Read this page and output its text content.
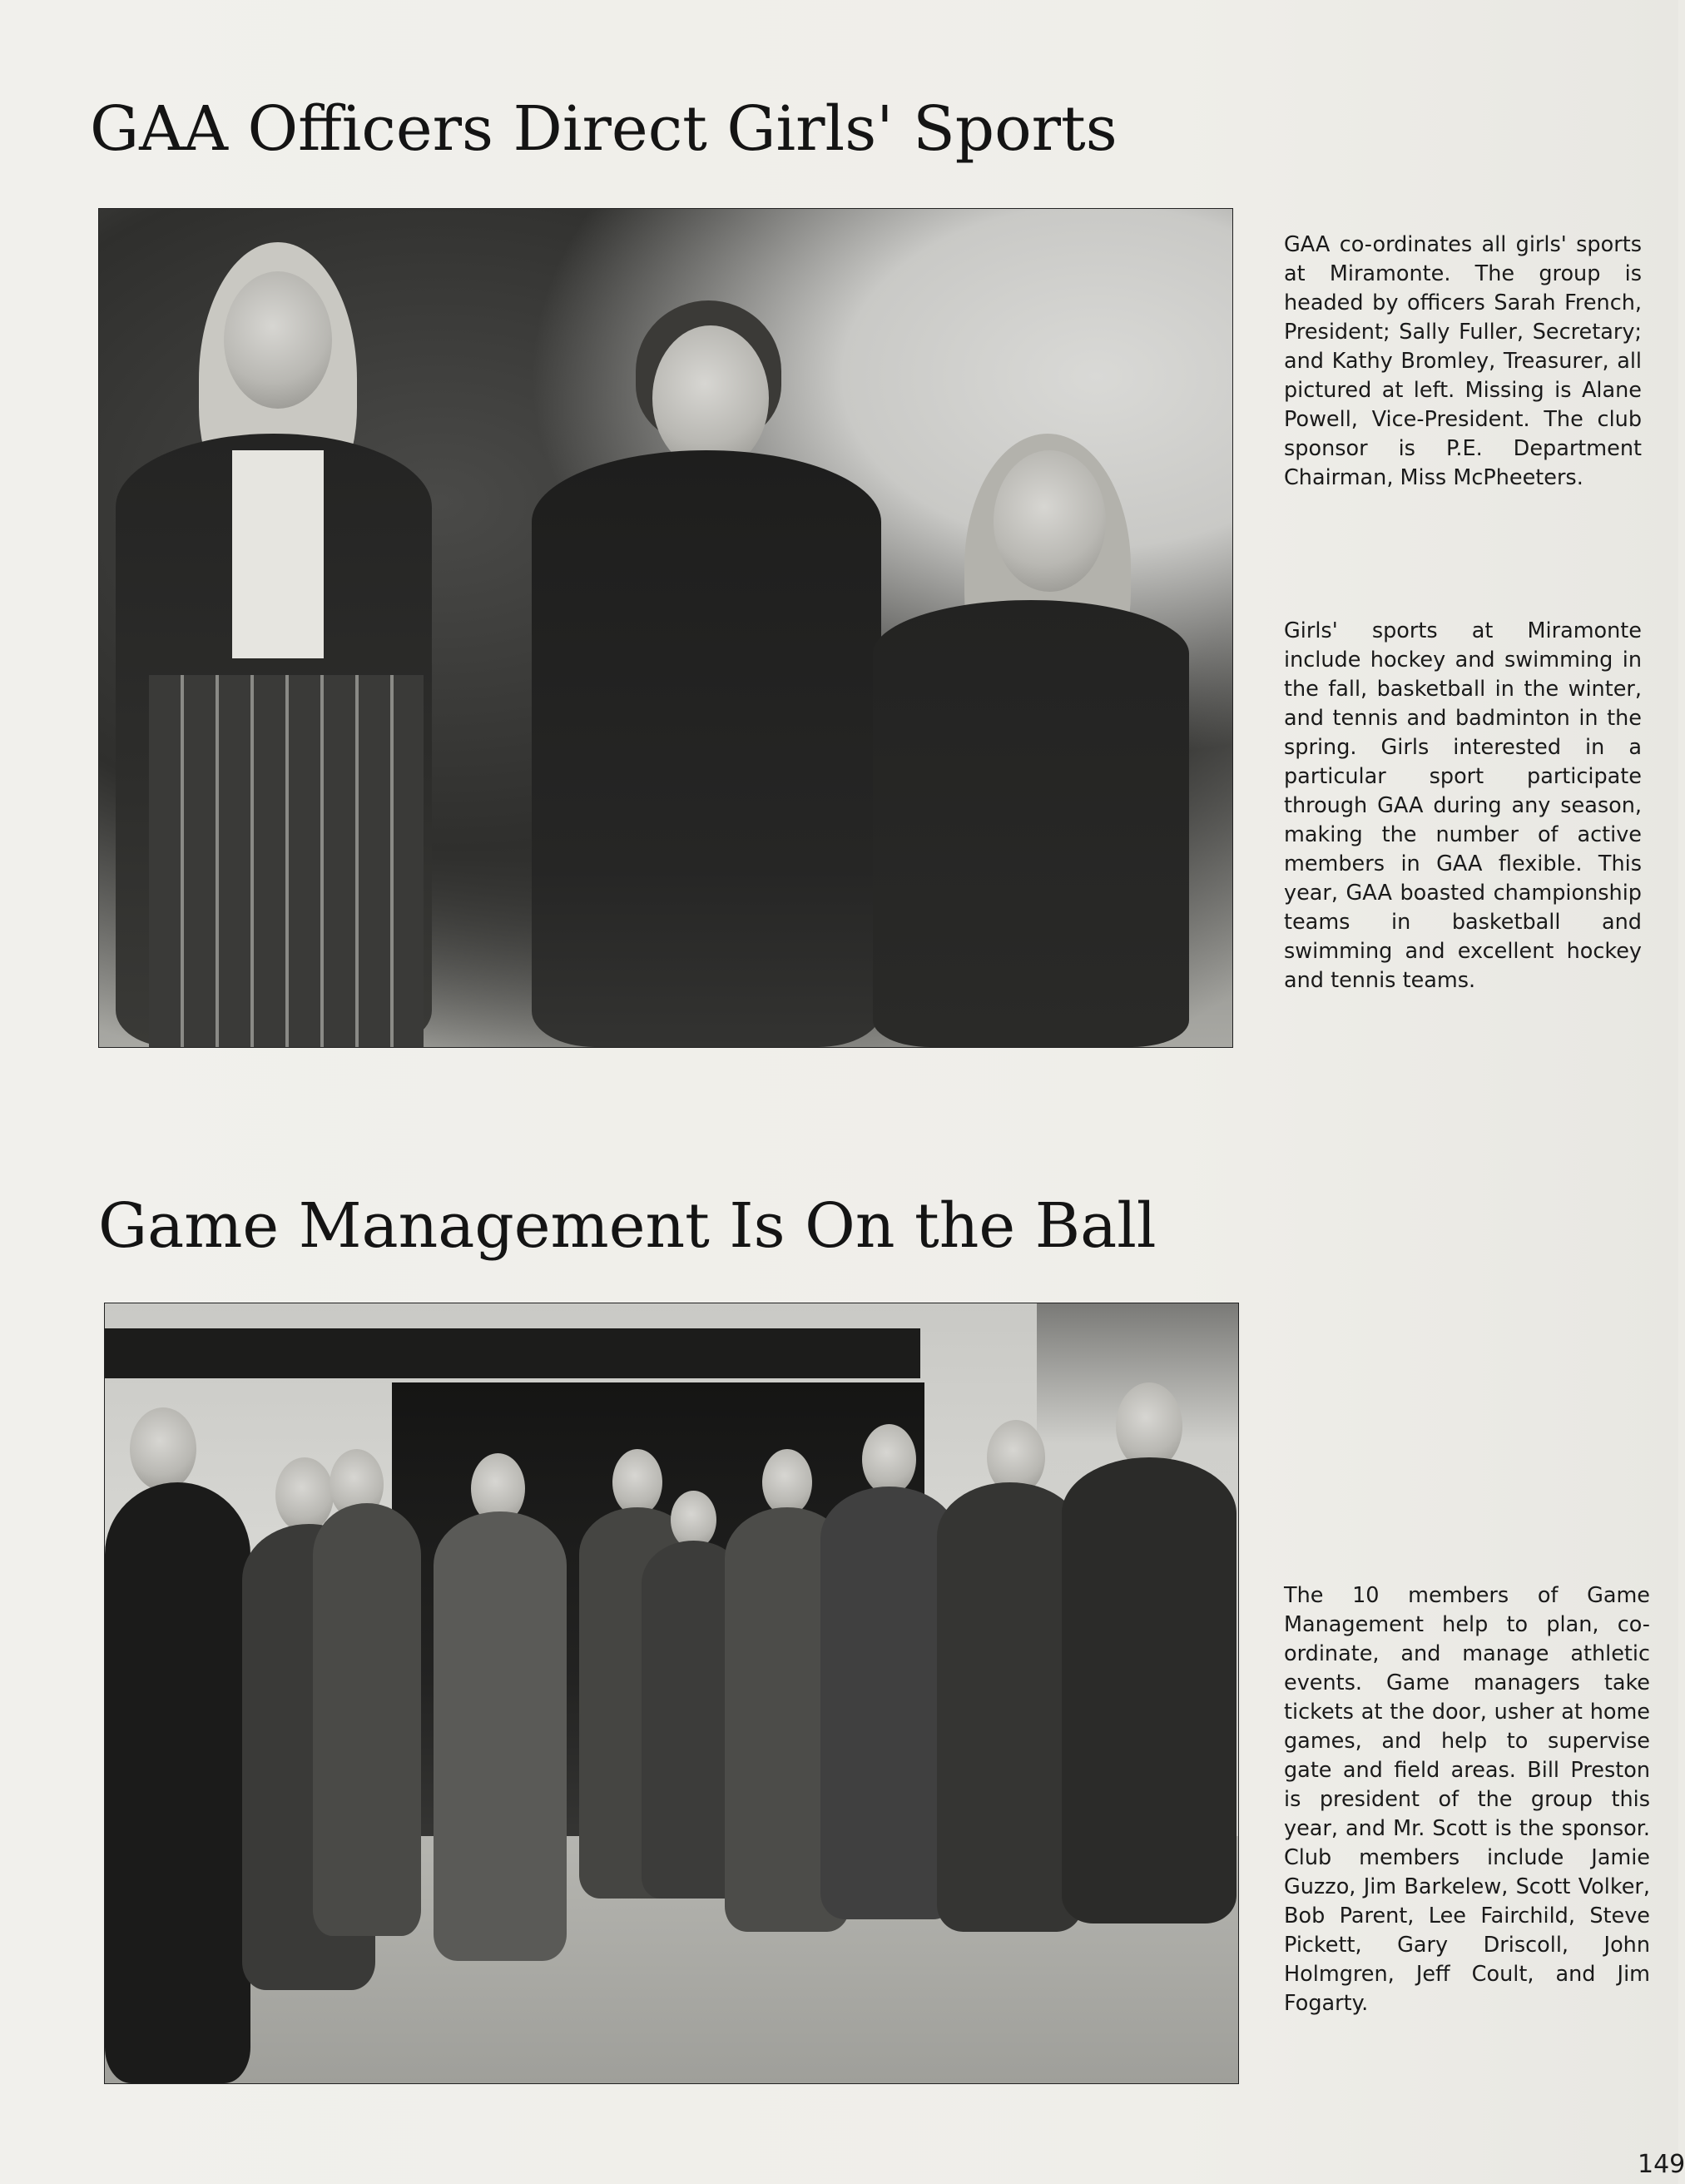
GAA Officers Direct Girls' Sports

GAA co-ordinates all girls' sports at Miramonte. The group is headed by officers Sarah French, President; Sally Fuller, Secretary; and Kathy Bromley, Treasurer, all pictured at left. Missing is Alane Powell, Vice-President. The club sponsor is P.E. Department Chairman, Miss McPheeters.

Girls' sports at Miramonte include hockey and swimming in the fall, basketball in the winter, and tennis and badminton in the spring. Girls interested in a particular sport participate through GAA during any season, making the number of active members in GAA flexible. This year, GAA boasted championship teams in basketball and swimming and excellent hockey and tennis teams.

Game Management Is On the Ball

The 10 members of Game Management help to plan, co-ordinate, and manage athletic events. Game managers take tickets at the door, usher at home games, and help to supervise gate and field areas. Bill Preston is president of the group this year, and Mr. Scott is the sponsor. Club members include Jamie Guzzo, Jim Barkelew, Scott Volker, Bob Parent, Lee Fairchild, Steve Pickett, Gary Driscoll, John Holmgren, Jeff Coult, and Jim Fogarty.

149
